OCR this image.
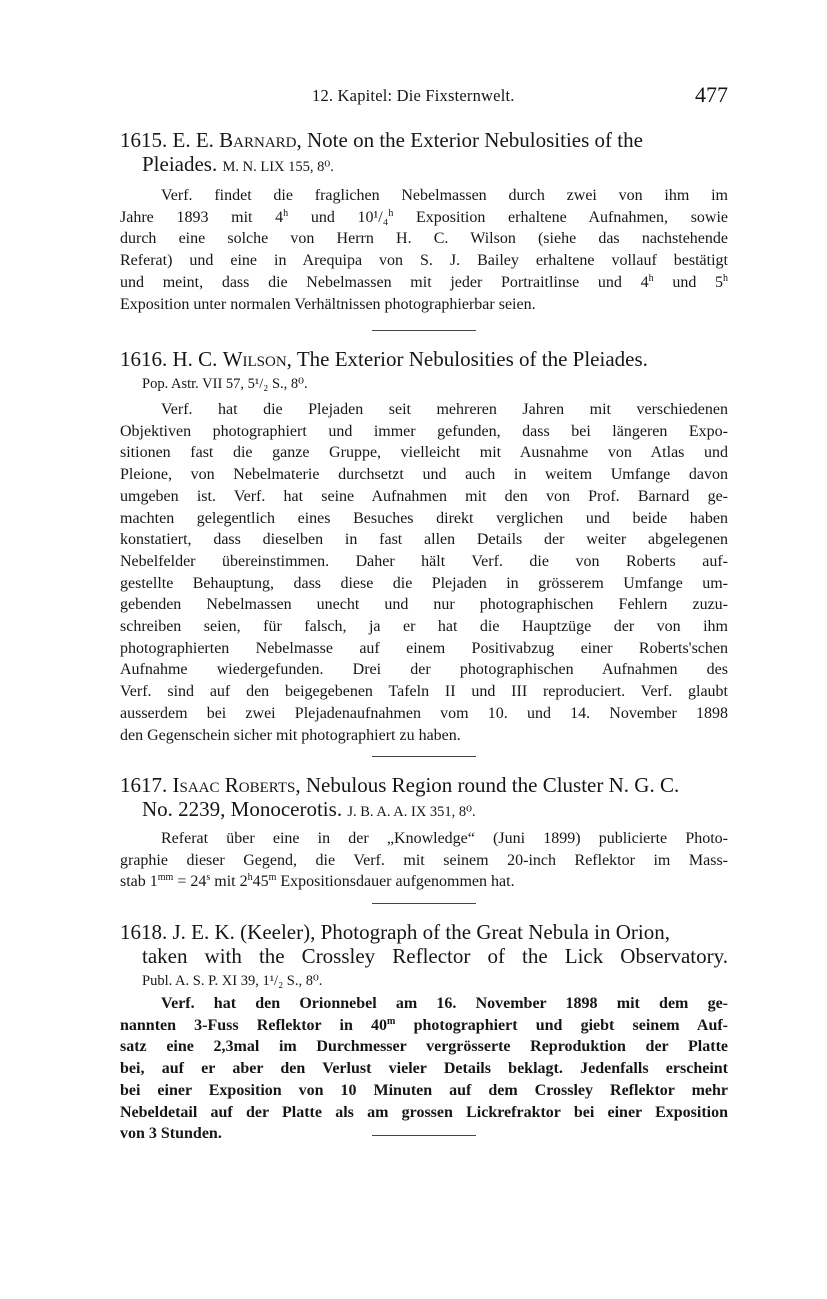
12. Kapitel: Die Fixsternwelt.	477
1615. E. E. Barnard, Note on the Exterior Nebulosities of the
Pleiades. M. N. LIX 155, 8⁰.
Verf. findet die fraglichen Nebelmassen durch zwei von ihm im
Jahre 1893 mit 4$^h$ und 10¹/₄$^h$ Exposition erhaltene Aufnahmen, sowie
durch eine solche von Herrn H. C. Wilson (siehe das nachstehende
Referat) und eine in Arequipa von S. J. Bailey erhaltene vollauf bestätigt
und meint, dass die Nebelmassen mit jeder Portraitlinse und 4$^h$ und 5$^h$
Exposition unter normalen Verhältnissen photographierbar seien.
1616. H. C. Wilson, The Exterior Nebulosities of the Pleiades.
Pop. Astr. VII 57, 5¹/₂ S., 8⁰.
Verf. hat die Plejaden seit mehreren Jahren mit verschiedenen
Objektiven photographiert und immer gefunden, dass bei längeren Expo-
sitionen fast die ganze Gruppe, vielleicht mit Ausnahme von Atlas und
Pleione, von Nebelmaterie durchsetzt und auch in weitem Umfange davon
umgeben ist. Verf. hat seine Aufnahmen mit den von Prof. Barnard ge-
machten gelegentlich eines Besuches direkt verglichen und beide haben
konstatiert, dass dieselben in fast allen Details der weiter abgelegenen
Nebelfelder übereinstimmen. Daher hält Verf. die von Roberts auf-
gestellte Behauptung, dass diese die Plejaden in grösserem Umfange um-
gebenden Nebelmassen unecht und nur photographischen Fehlern zuzu-
schreiben seien, für falsch, ja er hat die Hauptzüge der von ihm
photographierten Nebelmasse auf einem Positivabzug einer Roberts'schen
Aufnahme wiedergefunden. Drei der photographischen Aufnahmen des
Verf. sind auf den beigegebenen Tafeln II und III reproduciert. Verf. glaubt
ausserdem bei zwei Plejadenaufnahmen vom 10. und 14. November 1898
den Gegenschein sicher mit photographiert zu haben.
1617. Isaac Roberts, Nebulous Region round the Cluster N. G. C.
No. 2239, Monocerotis. J. B. A. A. IX 351, 8⁰.
Referat über eine in der „Knowledge“ (Juni 1899) publicierte Photo-
graphie dieser Gegend, die Verf. mit seinem 20-inch Reflektor im Mass-
stab $1^{mm} = 24^s$ mit 2$^h$45$^m$ Expositionsdauer aufgenommen hat.
1618. J. E. K. (Keeler), Photograph of the Great Nebula in Orion,
taken with the Crossley Reflector of the Lick Observatory.
Publ. A. S. P. XI 39, 1¹/₂ S., 8⁰.
Verf. hat den Orionnebel am 16. November 1898 mit dem ge-
nannten 3-Fuss Reflektor in 40$^m$ photographiert und giebt seinem Auf-
satz eine 2,3mal im Durchmesser vergrösserte Reproduktion der Platte
bei, auf er aber den Verlust vieler Details beklagt. Jedenfalls erscheint
bei einer Exposition von 10 Minuten auf dem Crossley Reflektor mehr
Nebeldetail auf der Platte als am grossen Lickrefraktor bei einer Exposition
von 3 Stunden.
